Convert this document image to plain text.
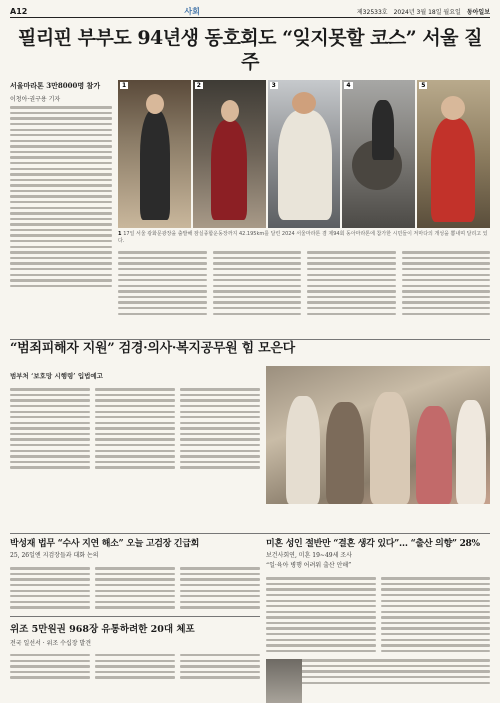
A12	사회	제32533호 2024년 3월 18일 월요일 동아일보
필리핀 부부도 94년생 동호회도 “잊지못할 코스” 서울 질주
서울마라톤 3만8000명 참가
이청아·권구용 기자
1	2	3	4	5
1 17일 서울 광화문광장을 출발해 잠실종합운동장까지 42.195km를 달린 2024 서울마라톤 겸 제94회 동아마라톤에 참가한 시민들이 저마다의 개성을 뽐내며 달리고 있다.
범부처 ‘보호망 시행령’ 입법예고
“범죄피해자 지원” 검경·의사·복지공무원 힘 모은다
박성재 법무 “수사 지연 해소” 오늘 고검장 긴급회
25, 26일엔 지검장들과 대화 논의
위조 5만원권 968장 유통하려한 20대 체포
전국 일선서 · 위조 수십장 발견
미혼 성인 절반만 “결혼 생각 있다”… “출산 의향” 28%
보건사회연, 미혼 19~49세 조사
“일·육아 병행 어려워 출산 안해”
